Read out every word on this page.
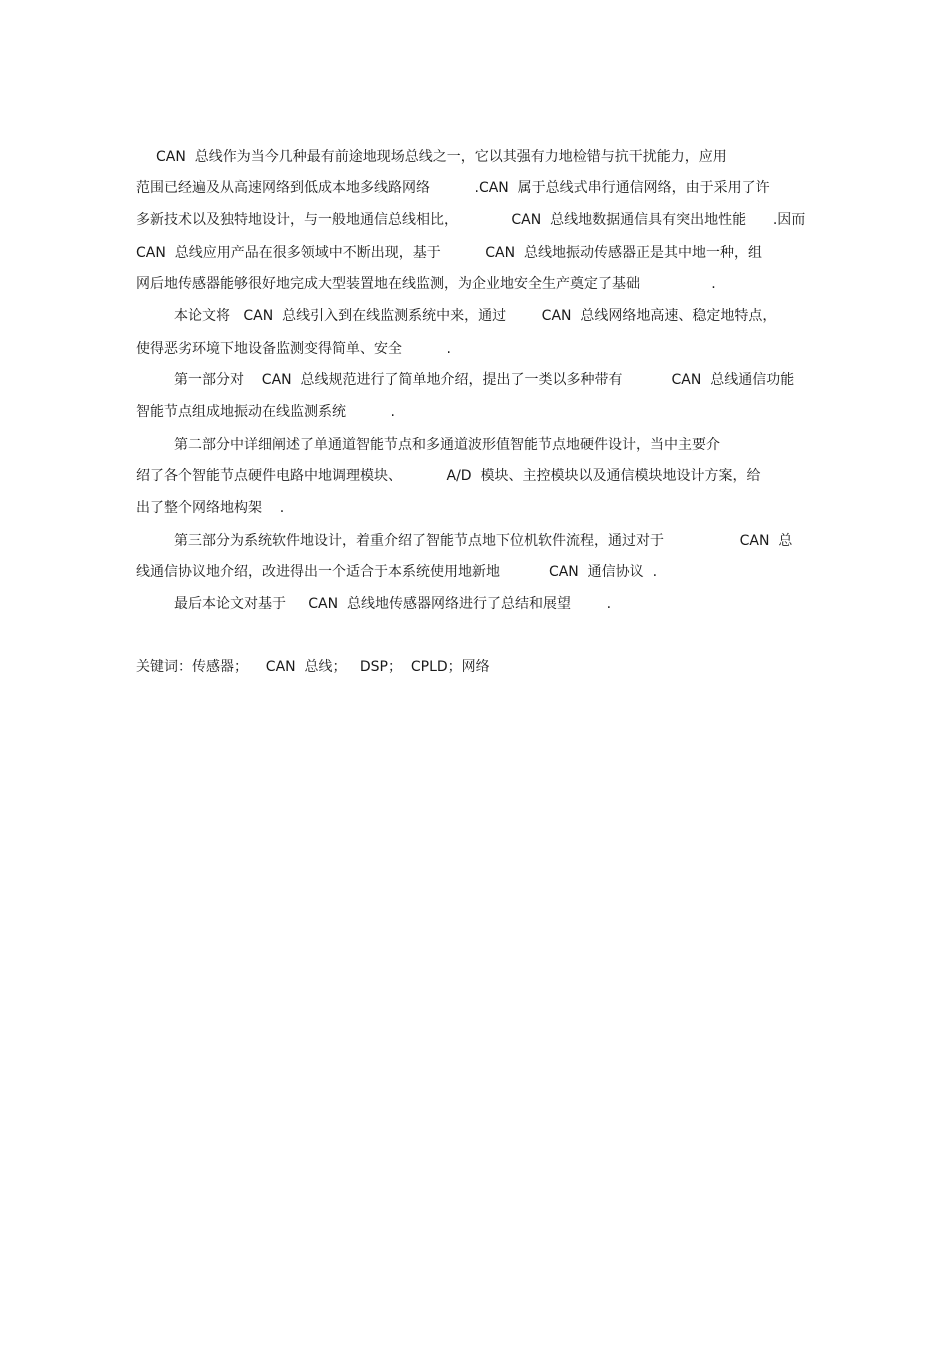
CAN  总线作为当今几种最有前途地现场总线之一，它以其强有力地检错与抗干扰能力，应用
范围已经遍及从高速网络到低成本地多线路网络          .CAN  属于总线式串行通信网络，由于采用了许
多新技术以及独特地设计，与一般地通信总线相比，            CAN  总线地数据通信具有突出地性能      .因而
CAN  总线应用产品在很多领域中不断出现，基于          CAN  总线地振动传感器正是其中地一种，组
网后地传感器能够很好地完成大型装置地在线监测，为企业地安全生产奠定了基础                .
本论文将   CAN  总线引入到在线监测系统中来，通过        CAN  总线网络地高速、稳定地特点，
使得恶劣环境下地设备监测变得简单、安全          .
第一部分对    CAN  总线规范进行了简单地介绍，提出了一类以多种带有           CAN  总线通信功能
智能节点组成地振动在线监测系统          .
第二部分中详细阐述了单通道智能节点和多通道波形值智能节点地硬件设计，当中主要介
绍了各个智能节点硬件电路中地调理模块、          A/D  模块、主控模块以及通信模块地设计方案，给
出了整个网络地构架    .
第三部分为系统软件地设计，着重介绍了智能节点地下位机软件流程，通过对于                 CAN  总
线通信协议地介绍，改进得出一个适合于本系统使用地新地           CAN  通信协议  .
最后本论文对基于     CAN  总线地传感器网络进行了总结和展望        .
关键词：传感器；    CAN  总线；   DSP；  CPLD；网络
